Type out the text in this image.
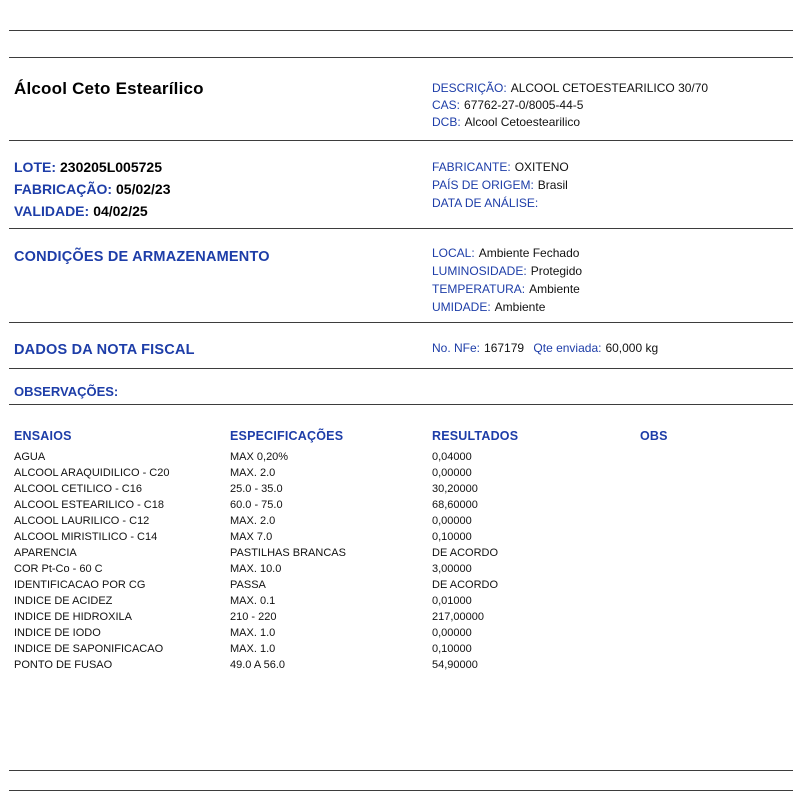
Álcool Ceto Estearílico	DESCRIÇÃO: ALCOOL CETOESTEARILICO 30/70
CAS: 67762-27-0/8005-44-5
DCB: Alcool Cetoestearilico
LOTE: 230205L005725
FABRICAÇÃO: 05/02/23
VALIDADE: 04/02/25
FABRICANTE: OXITENO
PAÍS DE ORIGEM: Brasil
DATA DE ANÁLISE:
CONDIÇÕES DE ARMAZENAMENTO	LOCAL: Ambiente Fechado
LUMINOSIDADE: Protegido
TEMPERATURA: Ambiente
UMIDADE: Ambiente
DADOS DA NOTA FISCAL	No. NFe: 167179 Qte enviada: 60,000 kg
OBSERVAÇÕES:
ENSAIOS	ESPECIFICAÇÕES	RESULTADOS	OBS
AGUA	MAX 0,20%	0,04000	
ALCOOL ARAQUIDILICO - C20	MAX. 2.0	0,00000	
ALCOOL CETILICO - C16	25.0 - 35.0	30,20000	
ALCOOL ESTEARILICO - C18	60.0 - 75.0	68,60000	
ALCOOL LAURILICO - C12	MAX. 2.0	0,00000	
ALCOOL MIRISTILICO - C14	MAX 7.0	0,10000	
APARENCIA	PASTILHAS BRANCAS	DE ACORDO	
COR Pt-Co - 60 C	MAX. 10.0	3,00000	
IDENTIFICACAO POR CG	PASSA	DE ACORDO	
INDICE DE ACIDEZ	MAX. 0.1	0,01000	
INDICE DE HIDROXILA	210 - 220	217,00000	
INDICE DE IODO	MAX. 1.0	0,00000	
INDICE DE SAPONIFICACAO	MAX. 1.0	0,10000	
PONTO DE FUSAO	49.0 A 56.0	54,90000	
